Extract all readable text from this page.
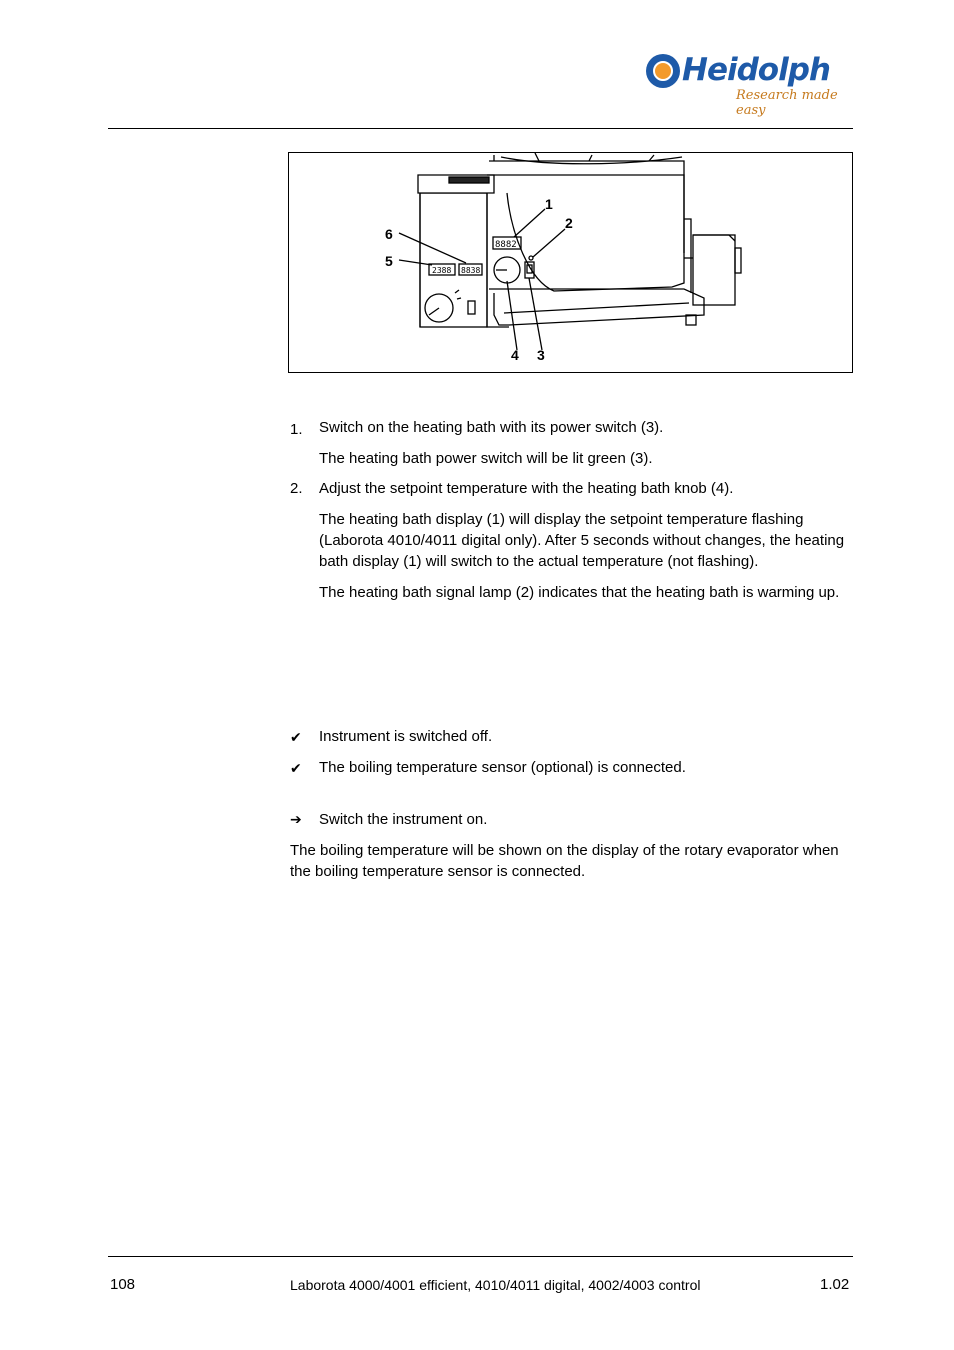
Heidolph
Research made easy
2388 8838
8882
1
2
3
4
5
6
1. Switch on the heating bath with its power switch (3).
The heating bath power switch will be lit green (3).
2. Adjust the setpoint temperature with the heating bath knob (4).
The heating bath display (1) will display the setpoint temperature flashing (Laborota 4010/4011 digital only). After 5 seconds without changes, the heating bath display (1) will switch to the actual temperature (not flashing).
The heating bath signal lamp (2) indicates that the heating bath is warming up.
✔ Instrument is switched off.
✔ The boiling temperature sensor (optional) is connected.
➔ Switch the instrument on.
The boiling temperature will be shown on the display of the rotary evaporator when the boiling temperature sensor is connected.
108	Laborota 4000/4001 efficient, 4010/4011 digital, 4002/4003 control	1.02
